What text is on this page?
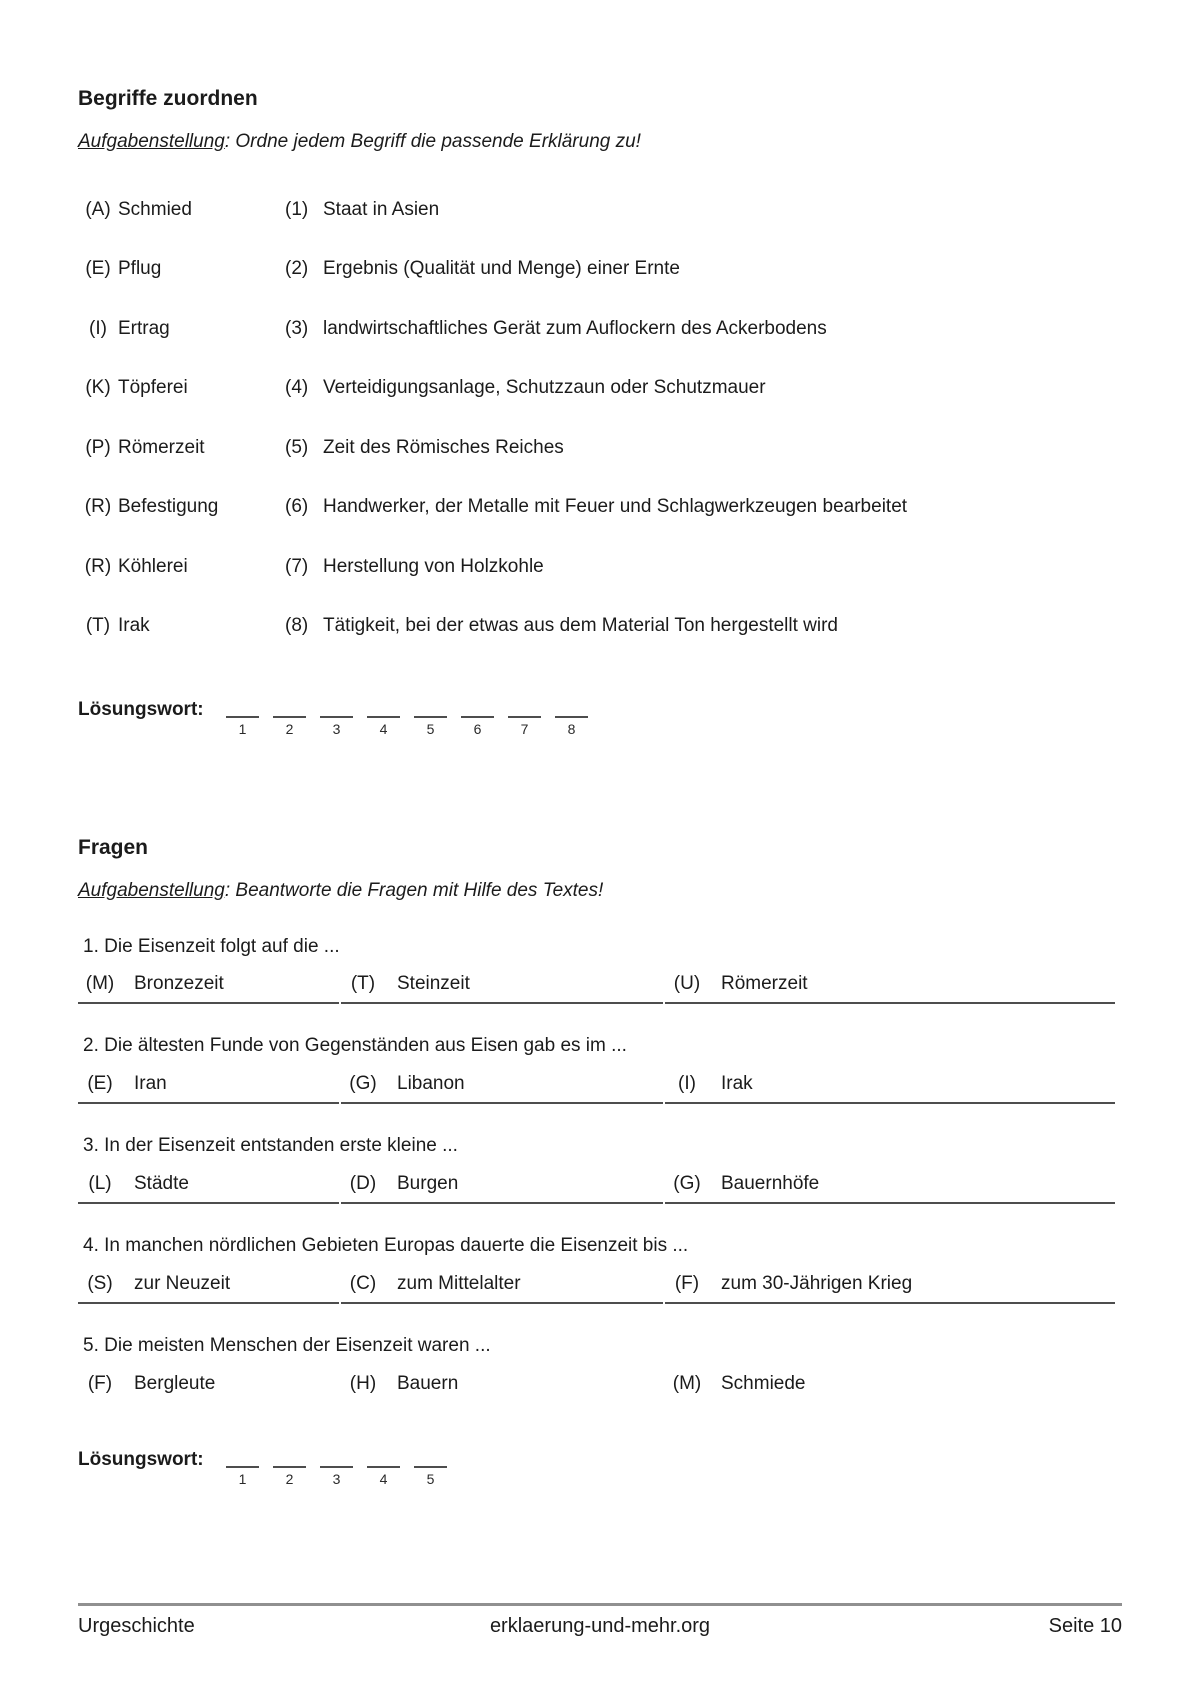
Begriffe zuordnen

Aufgabenstellung: Ordne jedem Begriff die passende Erklärung zu!

(A) Schmied	(1) Staat in Asien
(E) Pflug	(2) Ergebnis (Qualität und Menge) einer Ernte
(I) Ertrag	(3) landwirtschaftliches Gerät zum Auflockern des Ackerbodens
(K) Töpferei	(4) Verteidigungsanlage, Schutzzaun oder Schutzmauer
(P) Römerzeit	(5) Zeit des Römisches Reiches
(R) Befestigung	(6) Handwerker, der Metalle mit Feuer und Schlagwerkzeugen bearbeitet
(R) Köhlerei	(7) Herstellung von Holzkohle
(T) Irak	(8) Tätigkeit, bei der etwas aus dem Material Ton hergestellt wird
Lösungswort:
1	2	3	4	5	6	7	8
Fragen

Aufgabenstellung: Beantworte die Fragen mit Hilfe des Textes!

1. Die Eisenzeit folgt auf die ...
(M)	Bronzezeit	(T)	Steinzeit	(U)	Römerzeit
2. Die ältesten Funde von Gegenständen aus Eisen gab es im ...
(E)	Iran	(G)	Libanon	(I)	Irak
3. In der Eisenzeit entstanden erste kleine ...
(L)	Städte	(D)	Burgen	(G)	Bauernhöfe
4. In manchen nördlichen Gebieten Europas dauerte die Eisenzeit bis ...
(S)	zur Neuzeit	(C)	zum Mittelalter	(F)	zum 30-Jährigen Krieg
5. Die meisten Menschen der Eisenzeit waren ...
(F)	Bergleute	(H)	Bauern	(M)	Schmiede
Lösungswort:
1	2	3	4	5
Urgeschichte	erklaerung-und-mehr.org	Seite 10
